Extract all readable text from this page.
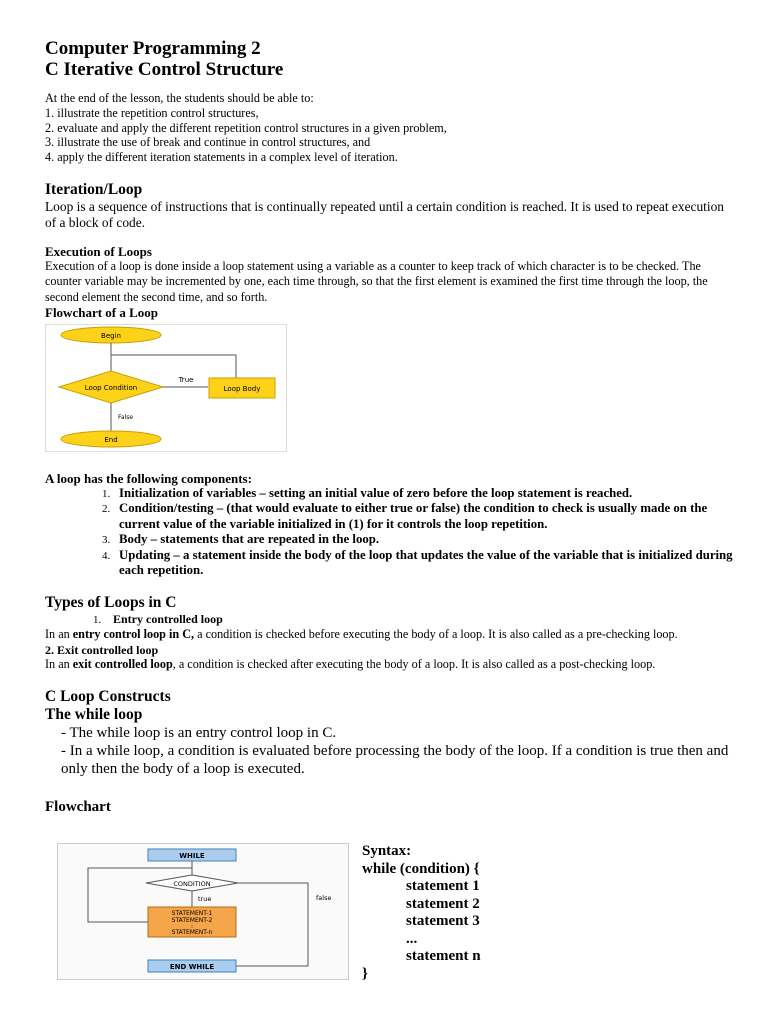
Computer Programming 2
C Iterative Control Structure
At the end of the lesson, the students should be able to:
1. illustrate the repetition control structures,
2. evaluate and apply the different repetition control structures in a given problem,
3. illustrate the use of break and continue in control structures, and
4. apply the different iteration statements in a complex level of iteration.
Iteration/Loop
Loop is a sequence of instructions that is continually repeated until a certain condition is reached. It is used to repeat execution of a block of code.
Execution of Loops
Execution of a loop is done inside a loop statement using a variable as a counter to keep track of which character is to be checked. The counter variable may be incremented by one, each time through, so that the first element is examined the first time through the loop, the second element the second time, and so forth.
Flowchart of a Loop
Begin
Loop Condition
True
Loop Body
False
End
A loop has the following components:
1. Initialization of variables – setting an initial value of zero before the loop statement is reached.
2. Condition/testing – (that would evaluate to either true or false) the condition to check is usually made on the current value of the variable initialized in (1) for it controls the loop repetition.
3. Body – statements that are repeated in the loop.
4. Updating – a statement inside the body of the loop that updates the value of the variable that is initialized during each repetition.
Types of Loops in C
1. Entry controlled loop
In an entry control loop in C, a condition is checked before executing the body of a loop. It is also called as a pre-checking loop.
2. Exit controlled loop
In an exit controlled loop, a condition is checked after executing the body of a loop. It is also called as a post-checking loop.
C Loop Constructs
The while loop
- The while loop is an entry control loop in C.
- In a while loop, a condition is evaluated before processing the body of the loop. If a condition is true then and only then the body of a loop is executed.
Flowchart
WHILE
CONDITION
true
STATEMENT-1
STATEMENT-2
:
STATEMENT-n
false
END WHILE
Syntax:
while (condition) {
statement 1
statement 2
statement 3
...
statement n
}
